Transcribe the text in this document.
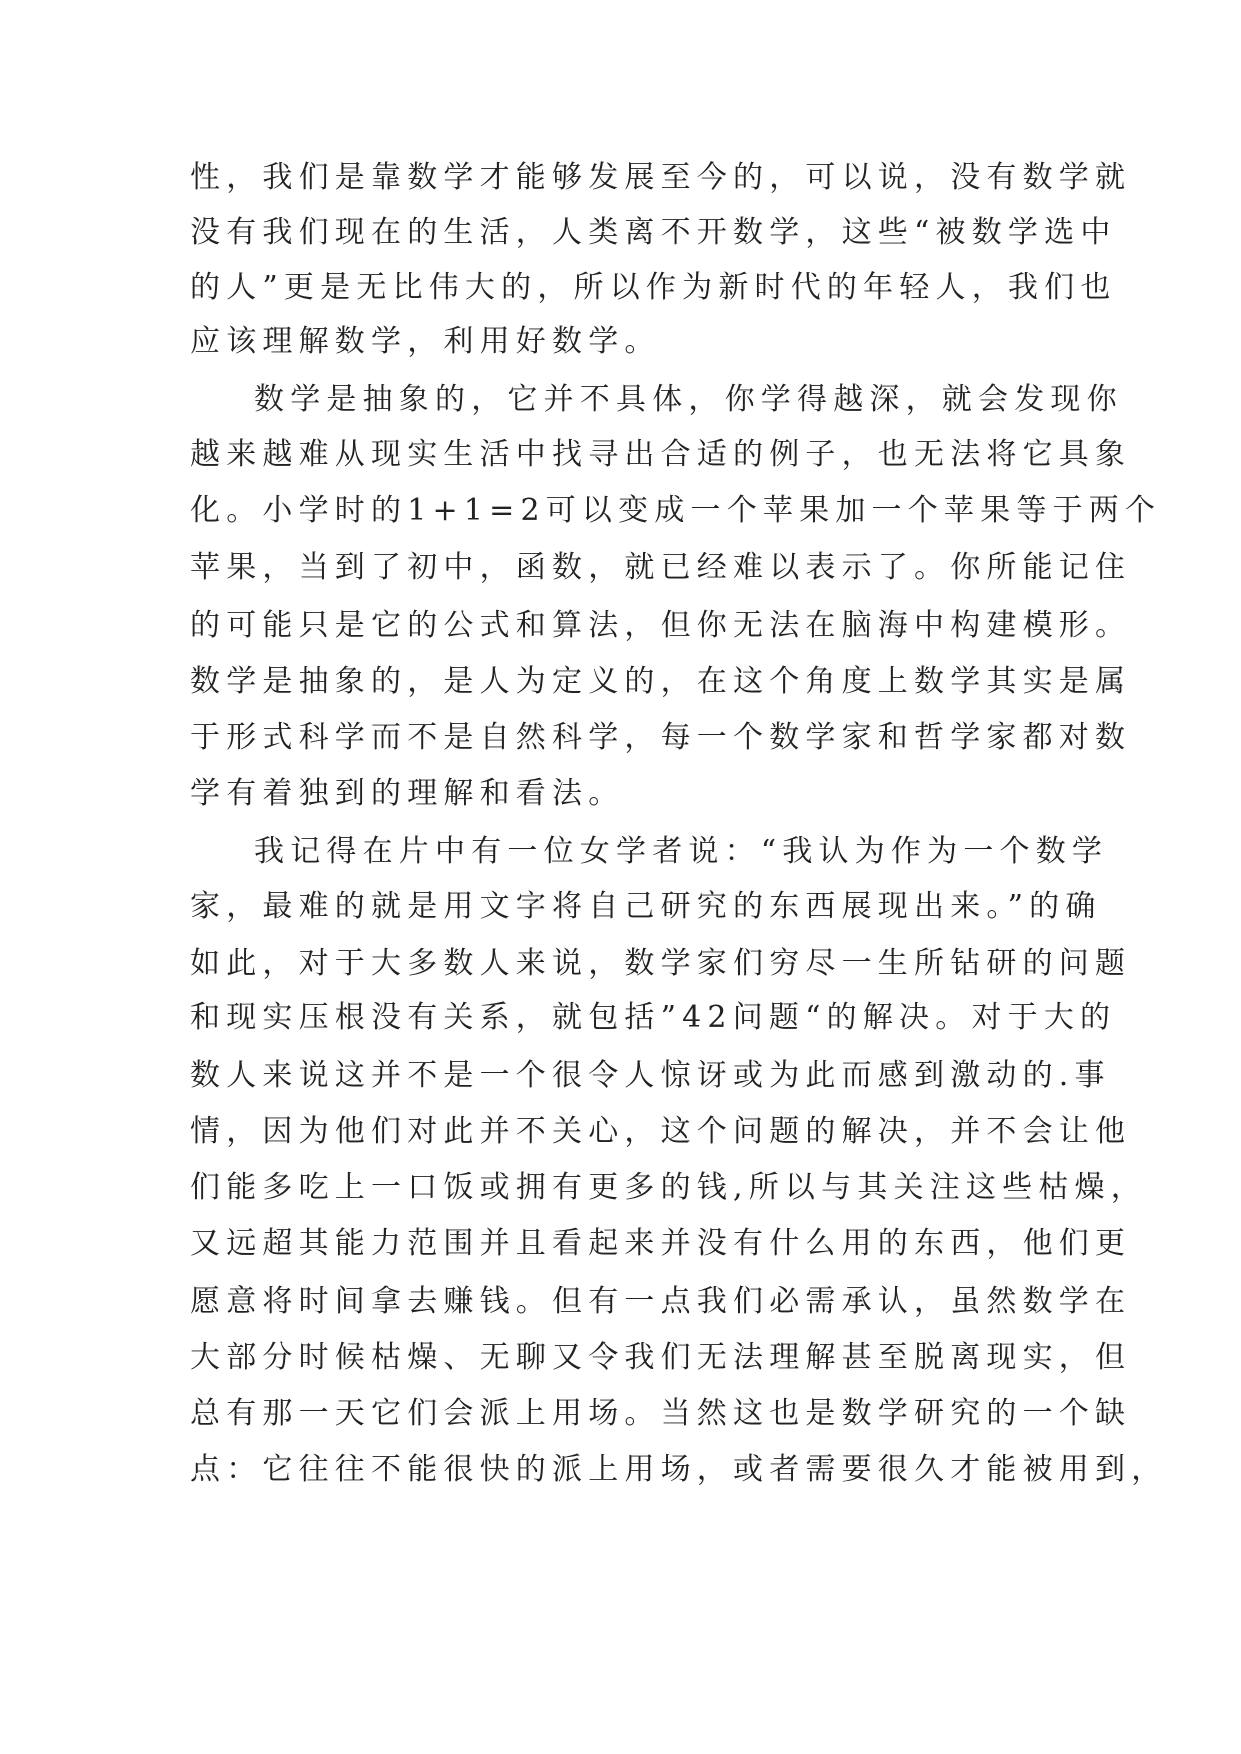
性，我们是靠数学才能够发展至今的，可以说，没有数学就
没有我们现在的生活，人类离不开数学，这些“被数学选中
的人”更是无比伟大的，所以作为新时代的年轻人，我们也
应该理解数学，利用好数学。
数学是抽象的，它并不具体，你学得越深，就会发现你
越来越难从现实生活中找寻出合适的例子，也无法将它具象
化。小学时的1+1=2可以变成一个苹果加一个苹果等于两个
苹果，当到了初中，函数，就已经难以表示了。你所能记住
的可能只是它的公式和算法，但你无法在脑海中构建模形。
数学是抽象的，是人为定义的，在这个角度上数学其实是属
于形式科学而不是自然科学，每一个数学家和哲学家都对数
学有着独到的理解和看法。
我记得在片中有一位女学者说：“我认为作为一个数学
家，最难的就是用文字将自己研究的东西展现出来。”的确
如此，对于大多数人来说，数学家们穷尽一生所钻研的问题
和现实压根没有关系，就包括”42问题“的解决。对于大的
数人来说这并不是一个很令人惊讶或为此而感到激动的.事
情，因为他们对此并不关心，这个问题的解决，并不会让他
们能多吃上一口饭或拥有更多的钱,所以与其关注这些枯燥，
又远超其能力范围并且看起来并没有什么用的东西，他们更
愿意将时间拿去赚钱。但有一点我们必需承认，虽然数学在
大部分时候枯燥、无聊又令我们无法理解甚至脱离现实，但
总有那一天它们会派上用场。当然这也是数学研究的一个缺
点：它往往不能很快的派上用场，或者需要很久才能被用到，
